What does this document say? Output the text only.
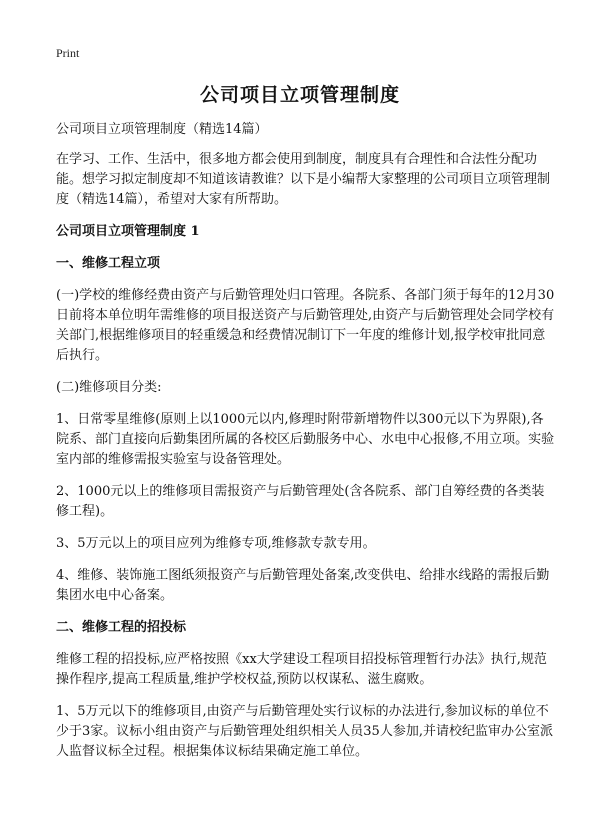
Print
公司项目立项管理制度

公司项目立项管理制度（精选14篇）

在学习、工作、生活中，很多地方都会使用到制度，制度具有合理性和合法性分配功能。想学习拟定制度却不知道该请教谁？以下是小编帮大家整理的公司项目立项管理制度（精选14篇），希望对大家有所帮助。

公司项目立项管理制度 1
一、维修工程立项

(一)学校的维修经费由资产与后勤管理处归口管理。各院系、各部门须于每年的12月30日前将本单位明年需维修的项目报送资产与后勤管理处,由资产与后勤管理处会同学校有关部门,根据维修项目的轻重缓急和经费情况制订下一年度的维修计划,报学校审批同意后执行。

(二)维修项目分类:

1、日常零星维修(原则上以1000元以内,修理时附带新增物件以300元以下为界限),各院系、部门直接向后勤集团所属的各校区后勤服务中心、水电中心报修,不用立项。实验室内部的维修需报实验室与设备管理处。

2、1000元以上的维修项目需报资产与后勤管理处(含各院系、部门自筹经费的各类装修工程)。

3、5万元以上的项目应列为维修专项,维修款专款专用。

4、维修、装饰施工图纸须报资产与后勤管理处备案,改变供电、给排水线路的需报后勤集团水电中心备案。

二、维修工程的招投标

维修工程的招投标,应严格按照《xx大学建设工程项目招投标管理暂行办法》执行,规范操作程序,提高工程质量,维护学校权益,预防以权谋私、滋生腐败。

1、5万元以下的维修项目,由资产与后勤管理处实行议标的办法进行,参加议标的单位不少于3家。议标小组由资产与后勤管理处组织相关人员35人参加,并请校纪监审办公室派人监督议标全过程。根据集体议标结果确定施工单位。
